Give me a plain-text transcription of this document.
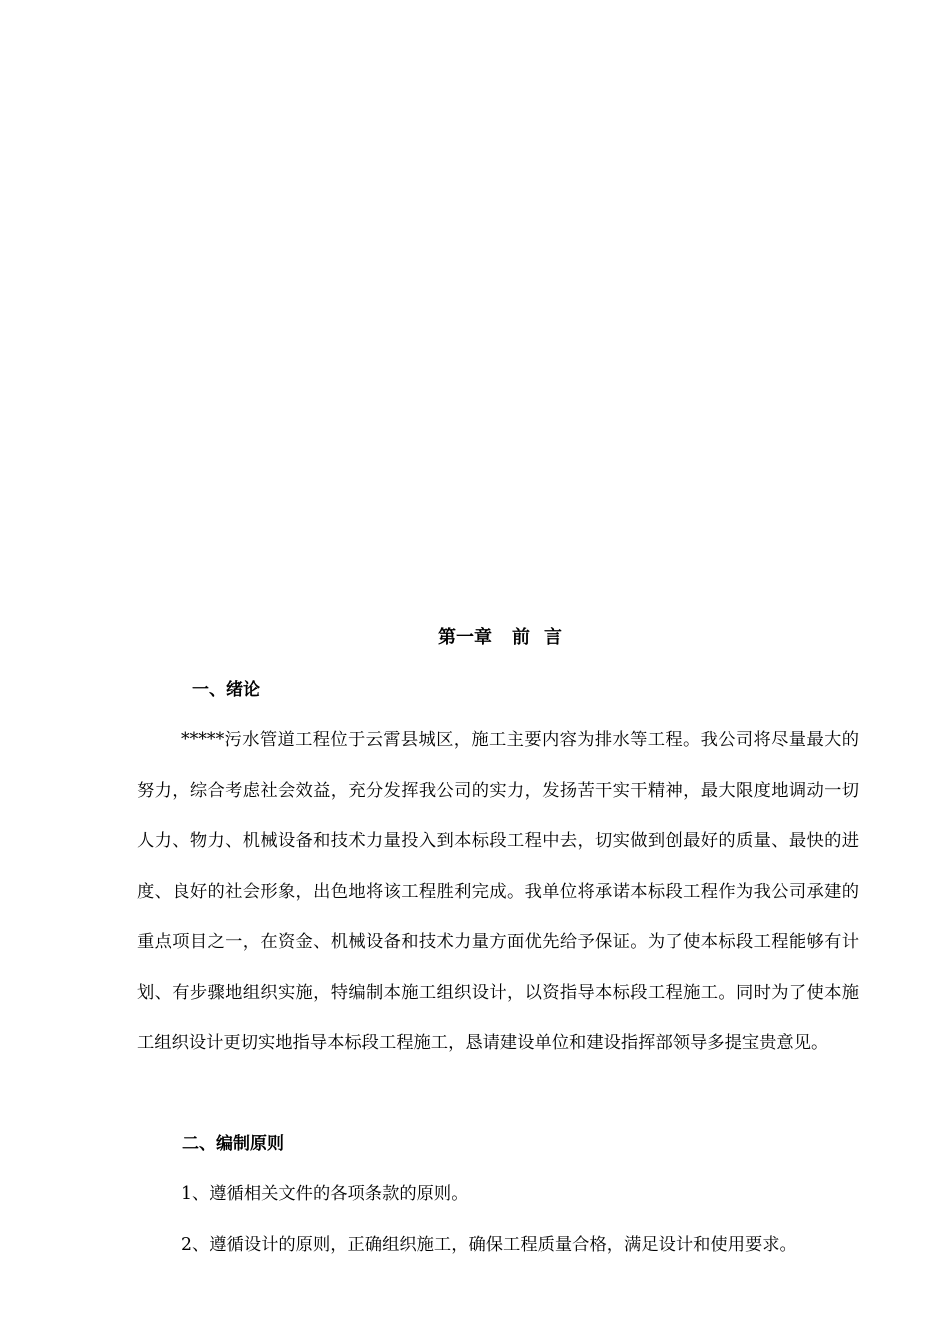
第一章 前 言
一、绪论

*****污水管道工程位于云霄县城区，施工主要内容为排水等工程。我公司将尽量最大的努力，综合考虑社会效益，充分发挥我公司的实力，发扬苦干实干精神，最大限度地调动一切人力、物力、机械设备和技术力量投入到本标段工程中去，切实做到创最好的质量、最快的进度、良好的社会形象，出色地将该工程胜利完成。我单位将承诺本标段工程作为我公司承建的重点项目之一，在资金、机械设备和技术力量方面优先给予保证。为了使本标段工程能够有计划、有步骤地组织实施，特编制本施工组织设计，以资指导本标段工程施工。同时为了使本施工组织设计更切实地指导本标段工程施工，恳请建设单位和建设指挥部领导多提宝贵意见。

二、编制原则

1、遵循相关文件的各项条款的原则。

2、遵循设计的原则，正确组织施工，确保工程质量合格，满足设计和使用要求。
